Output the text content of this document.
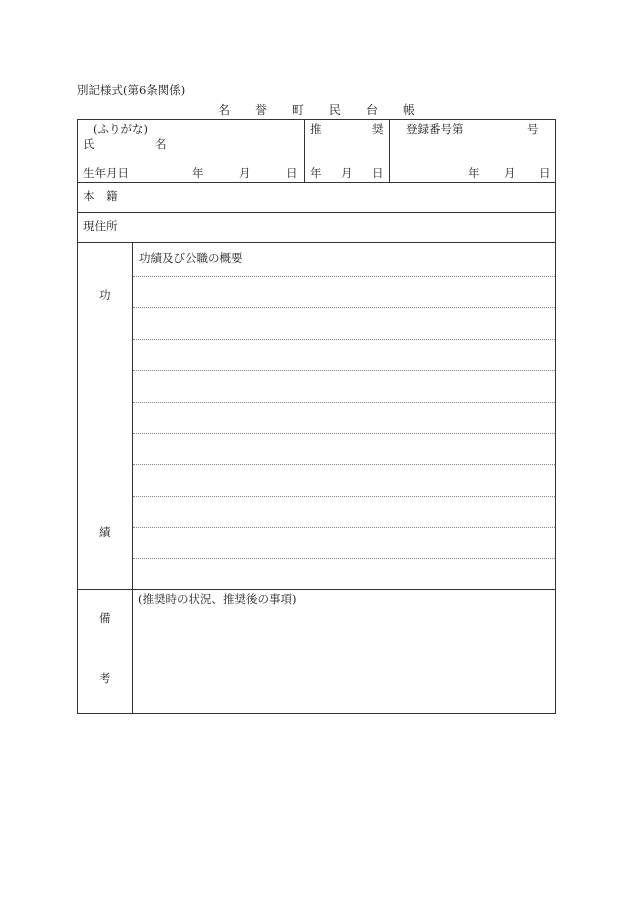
別記様式(第6条関係)
名 誉 町 民 台 帳
(ふりがな)
氏	名
生年月日	年	月	日
推	奨
年 月 日
登録番号第	号
年 月 日
本　籍
現住所
功
績
功績及び公職の概要
備
考
(推奨時の状況、推奨後の事項)
